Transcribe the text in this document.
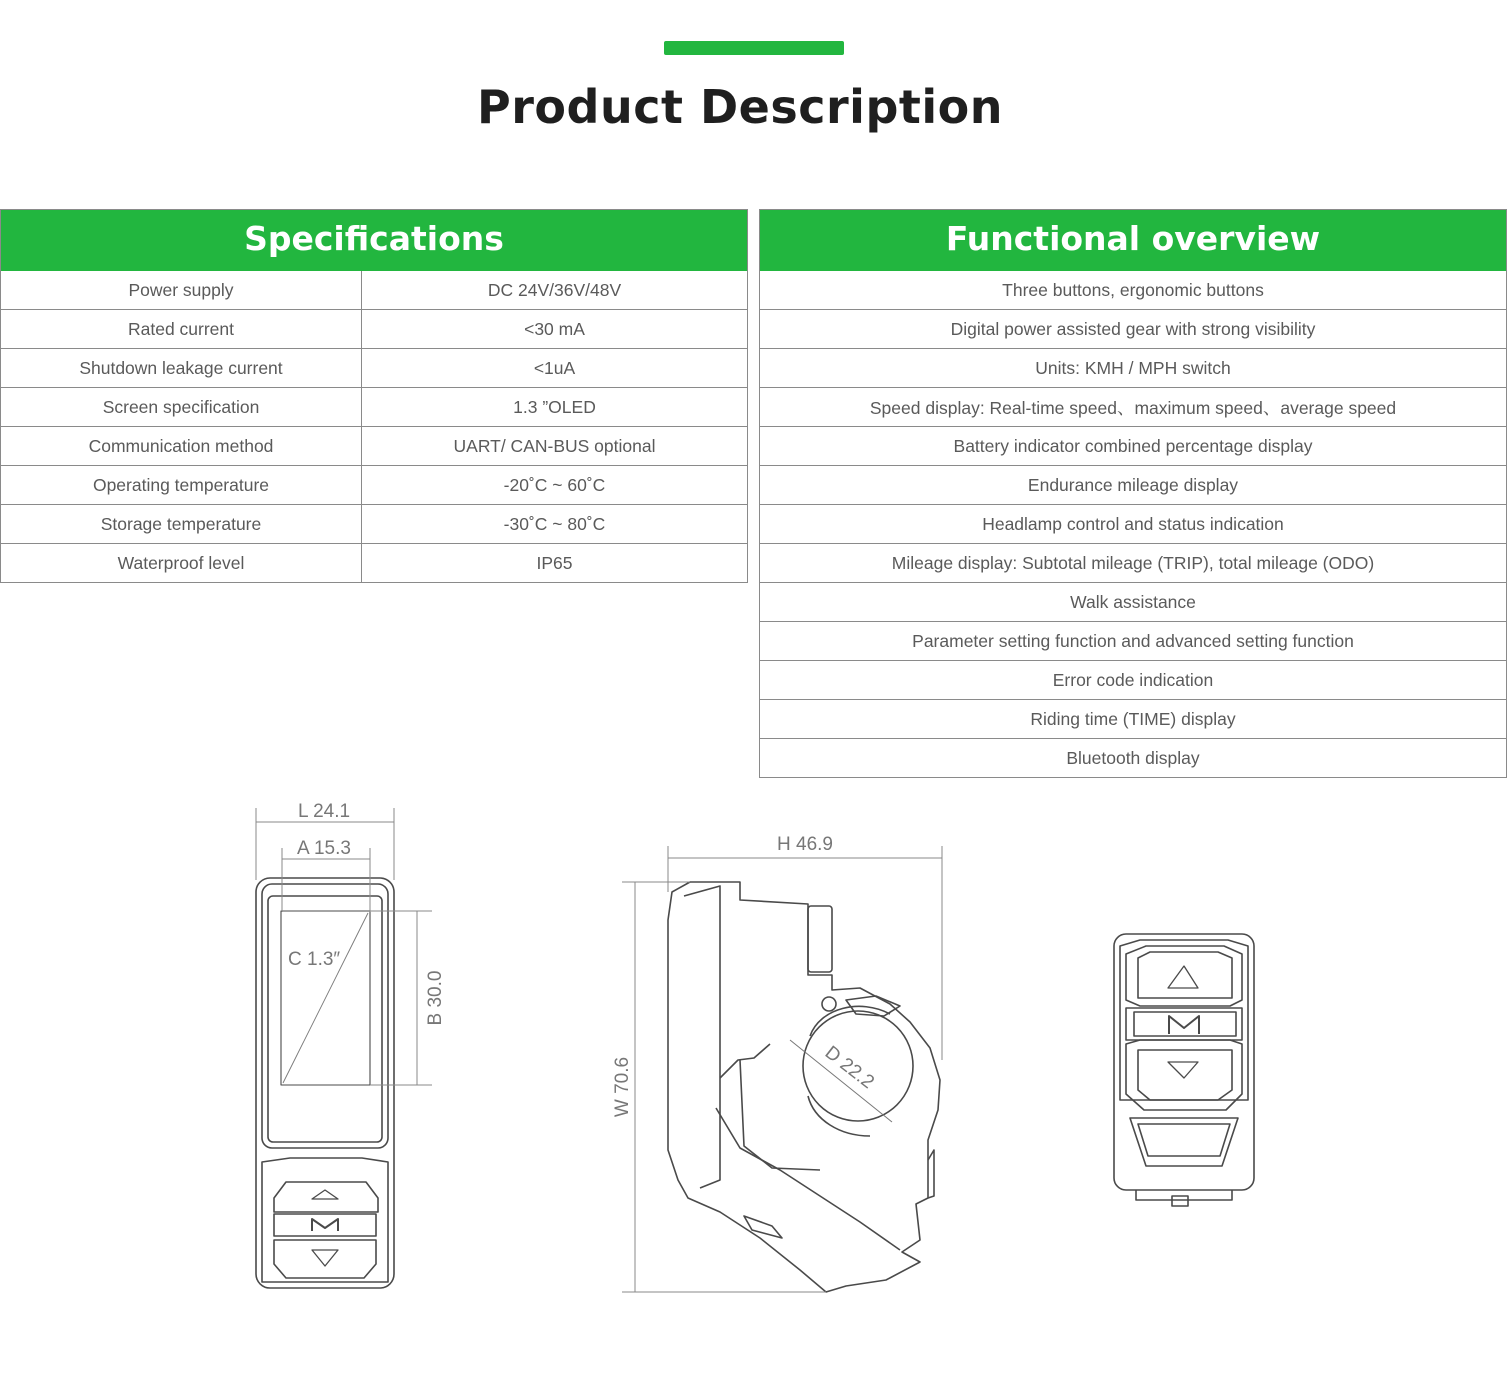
Product Description
Specifications
Power supply	DC 24V/36V/48V
Rated current	<30 mA
Shutdown leakage current	<1uA
Screen specification	1.3 ”OLED
Communication method	UART/ CAN-BUS optional
Operating temperature	-20˚C ~ 60˚C
Storage temperature	-30˚C ~ 80˚C
Waterproof level	IP65
Functional overview
Three buttons, ergonomic buttons
Digital power assisted gear with strong visibility
Units: KMH / MPH switch
Speed display: Real-time speed、maximum speed、average speed
Battery indicator combined percentage display
Endurance mileage display
Headlamp control and status indication
Mileage display: Subtotal mileage (TRIP), total mileage (ODO)
Walk assistance
Parameter setting function and advanced setting function
Error code indication
Riding time (TIME) display
Bluetooth display
L 24.1
A 15.3
C 1.3″
B 30.0
H 46.9
W 70.6	D 22.2
